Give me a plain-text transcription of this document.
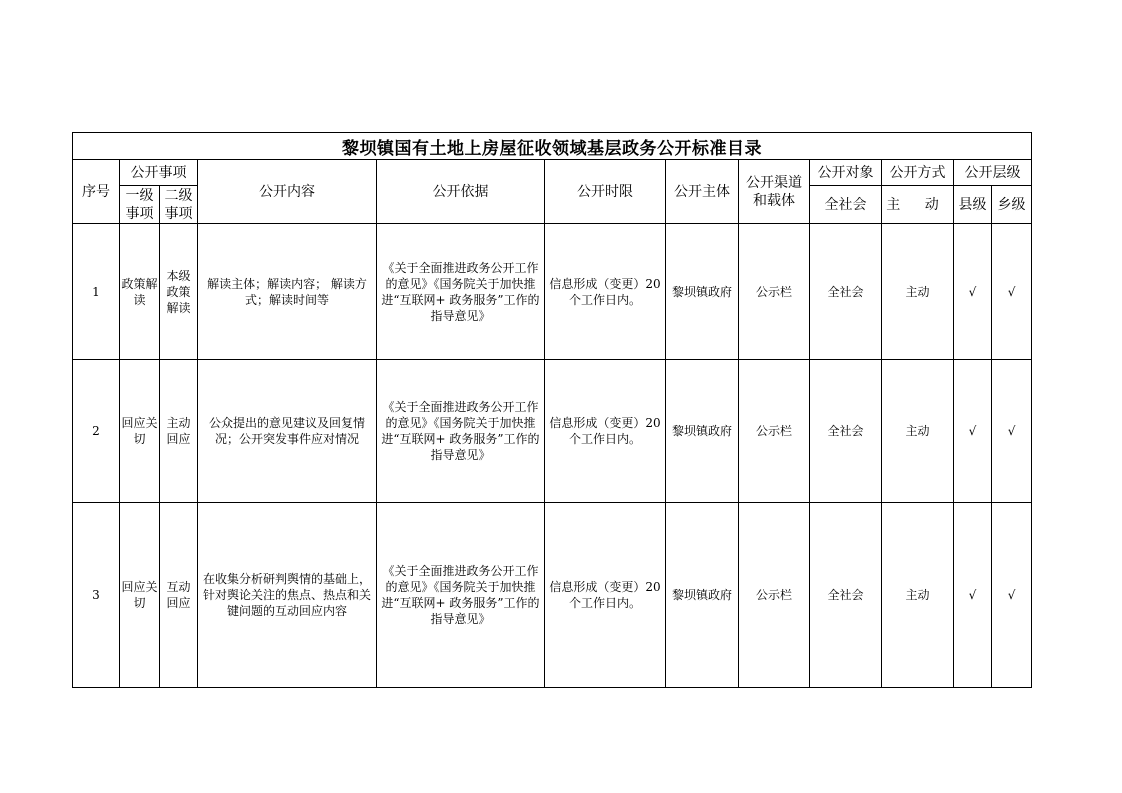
黎坝镇国有土地上房屋征收领域基层政务公开标准目录											
序号	公开事项		公开内容	公开依据	公开时限	公开主体	公开渠道和载体	公开对象	公开方式	公开层级	
	一级事项	二级事项						全社会	主 动	县级	乡级
1	政策解读	本级政策解读	解读主体；解读内容； 解读方式；解读时间等	《关于全面推进政务公开工作的意见》《国务院关于加快推进“互联网+ 政务服务”工作的指导意见》	信息形成（变更）20个工作日内。	黎坝镇政府	公示栏	全社会	主动	√	√
2	回应关切	主动回应	公众提出的意见建议及回复情况；公开突发事件应对情况	《关于全面推进政务公开工作的意见》《国务院关于加快推进“互联网+ 政务服务”工作的指导意见》	信息形成（变更）20个工作日内。	黎坝镇政府	公示栏	全社会	主动	√	√
3	回应关切	互动回应	在收集分析研判舆情的基础上，针对舆论关注的焦点、热点和关键问题的互动回应内容	《关于全面推进政务公开工作的意见》《国务院关于加快推进“互联网+ 政务服务”工作的指导意见》	信息形成（变更）20个工作日内。	黎坝镇政府	公示栏	全社会	主动	√	√
